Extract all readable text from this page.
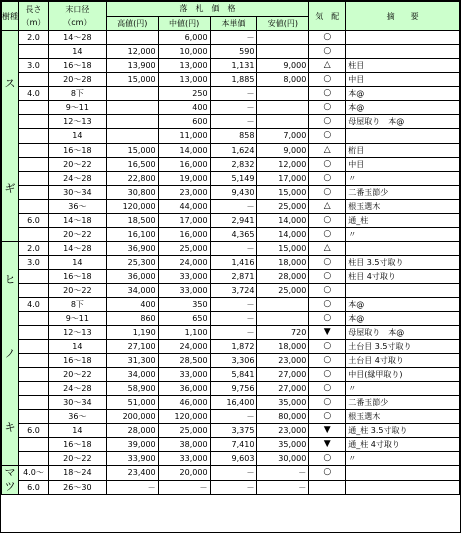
樹種	長さ
（m）	末口径
（cm）	落　札　価　格				気　配	摘　　要
			高値(円)	中値(円)	本単価	安値(円)		

ス
ギ	2.0	14～28		6,000	－		○	
		14	12,000	10,000	590		○	
	3.0	16～18	13,900	13,000	1,131	9,000	△	柱目
		20～28	15,000	13,000	1,885	8,000	○	中目
	4.0	8下		250	－		○	本@
		9～11		400	－		○	本@
		12～13		600	－		○	母屋取り　本@
		14		11,000	858	7,000	○	
		16～18	15,000	14,000	1,624	9,000	△	桁目
		20～22	16,500	16,000	2,832	12,000	○	中目
		24～28	22,800	19,000	5,149	17,000	○	〃
		30～34	30,800	23,000	9,430	15,000	○	二番玉節少
		36～	120,000	44,000	－	25,000	△	根玉選木
	6.0	14～18	18,500	17,000	2,941	14,000	○	通_柱
		20～22	16,100	16,000	4,365	14,000	○	〃

ヒ
ノ
キ	2.0	14～28	36,900	25,000	－	15,000	△	
	3.0	14	25,300	24,000	1,416	18,000	○	柱目 3.5寸取り
		16～18	36,000	33,000	2,871	28,000	○	柱目 4寸取り
		20～22	34,000	33,000	3,724	25,000	○	
	4.0	8下	400	350	－		○	本@
		9～11	860	650	－		○	本@
		12～13	1,190	1,100	－	720	▼	母屋取り　本@
		14	27,100	24,000	1,872	18,000	○	土台目 3.5寸取り
		16～18	31,300	28,500	3,306	23,000	○	土台目 4寸取り
		20～22	34,000	33,000	5,841	27,000	○	中目(縁甲取り)
		24～28	58,900	36,000	9,756	27,000	○	〃
		30～34	51,000	46,000	16,400	35,000	○	二番玉節少
		36～	200,000	120,000	－	80,000	○	根玉選木
	6.0	14	28,000	25,000	3,375	23,000	▼	通_柱 3.5寸取り
		16～18	39,000	38,000	7,410	35,000	▼	通_柱 4寸取り
		20～22	33,900	33,000	9,603	30,000	○	〃

マ
ツ	4.0～	18～24	23,400	20,000	－	－	○	
	6.0	26～30	－	－	－	－		
